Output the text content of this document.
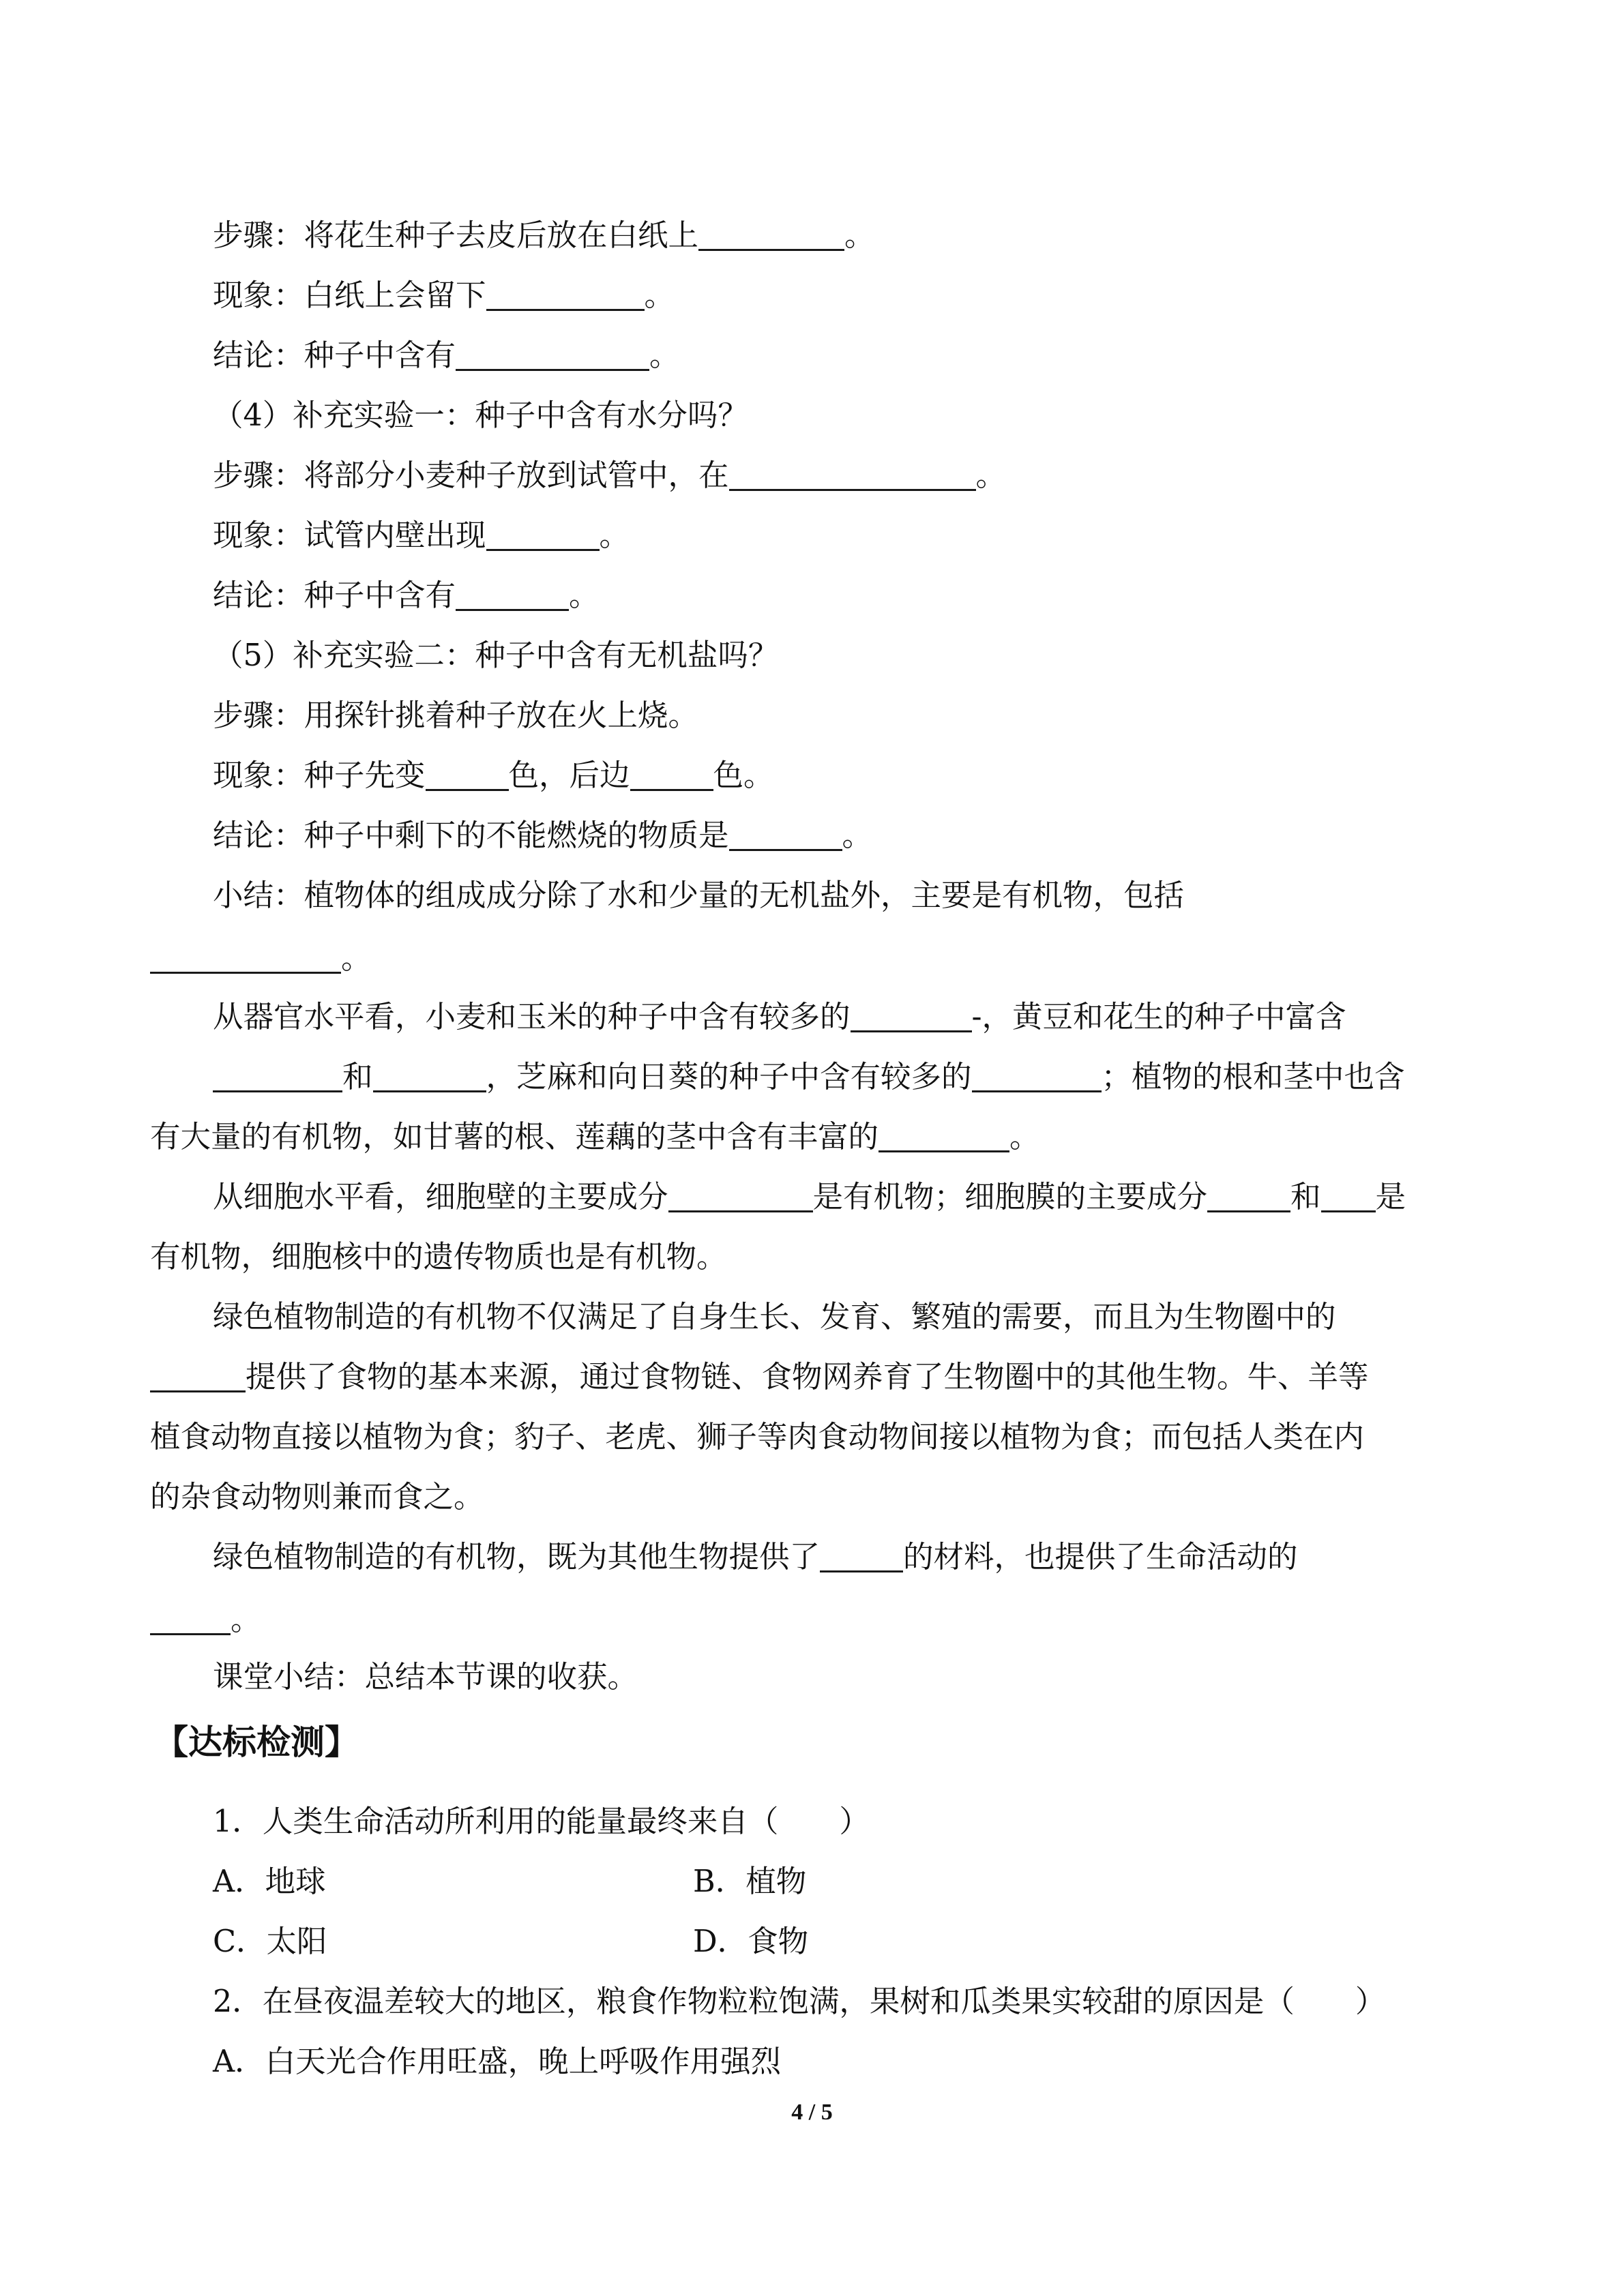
步骤：将花生种子去皮后放在白纸上	。
现象：白纸上会留下	。
结论：种子中含有	。
（4）补充实验一：种子中含有水分吗？
步骤：将部分小麦种子放到试管中，在	。
现象：试管内壁出现	。
结论：种子中含有	。
（5）补充实验二：种子中含有无机盐吗？
步骤：用探针挑着种子放在火上烧。
现象：种子先变	色，后边	色。
结论：种子中剩下的不能燃烧的物质是	。
小结：植物体的组成成分除了水和少量的无机盐外，主要是有机物，包括
。
从器官水平看，小麦和玉米的种子中含有较多的	-，黄豆和花生的种子中富含
和	，芝麻和向日葵的种子中含有较多的	；植物的根和茎中也含
有大量的有机物，如甘薯的根、莲藕的茎中含有丰富的	。
从细胞水平看，细胞壁的主要成分	是有机物；细胞膜的主要成分	和 是
有机物，细胞核中的遗传物质也是有机物。
绿色植物制造的有机物不仅满足了自身生长、发育、繁殖的需要，而且为生物圈中的
提供了食物的基本来源，通过食物链、食物网养育了生物圈中的其他生物。牛、羊等
植食动物直接以植物为食；豹子、老虎、狮子等肉食动物间接以植物为食；而包括人类在内
的杂食动物则兼而食之。
绿色植物制造的有机物，既为其他生物提供了	的材料，也提供了生命活动的
。
课堂小结：总结本节课的收获。
【达标检测】
1．人类生命活动所利用的能量最终来自（　　）
A．地球	B．植物
C．太阳	D．食物
2．在昼夜温差较大的地区，粮食作物粒粒饱满，果树和瓜类果实较甜的原因是（　　）
A．白天光合作用旺盛，晚上呼吸作用强烈
4 / 5
